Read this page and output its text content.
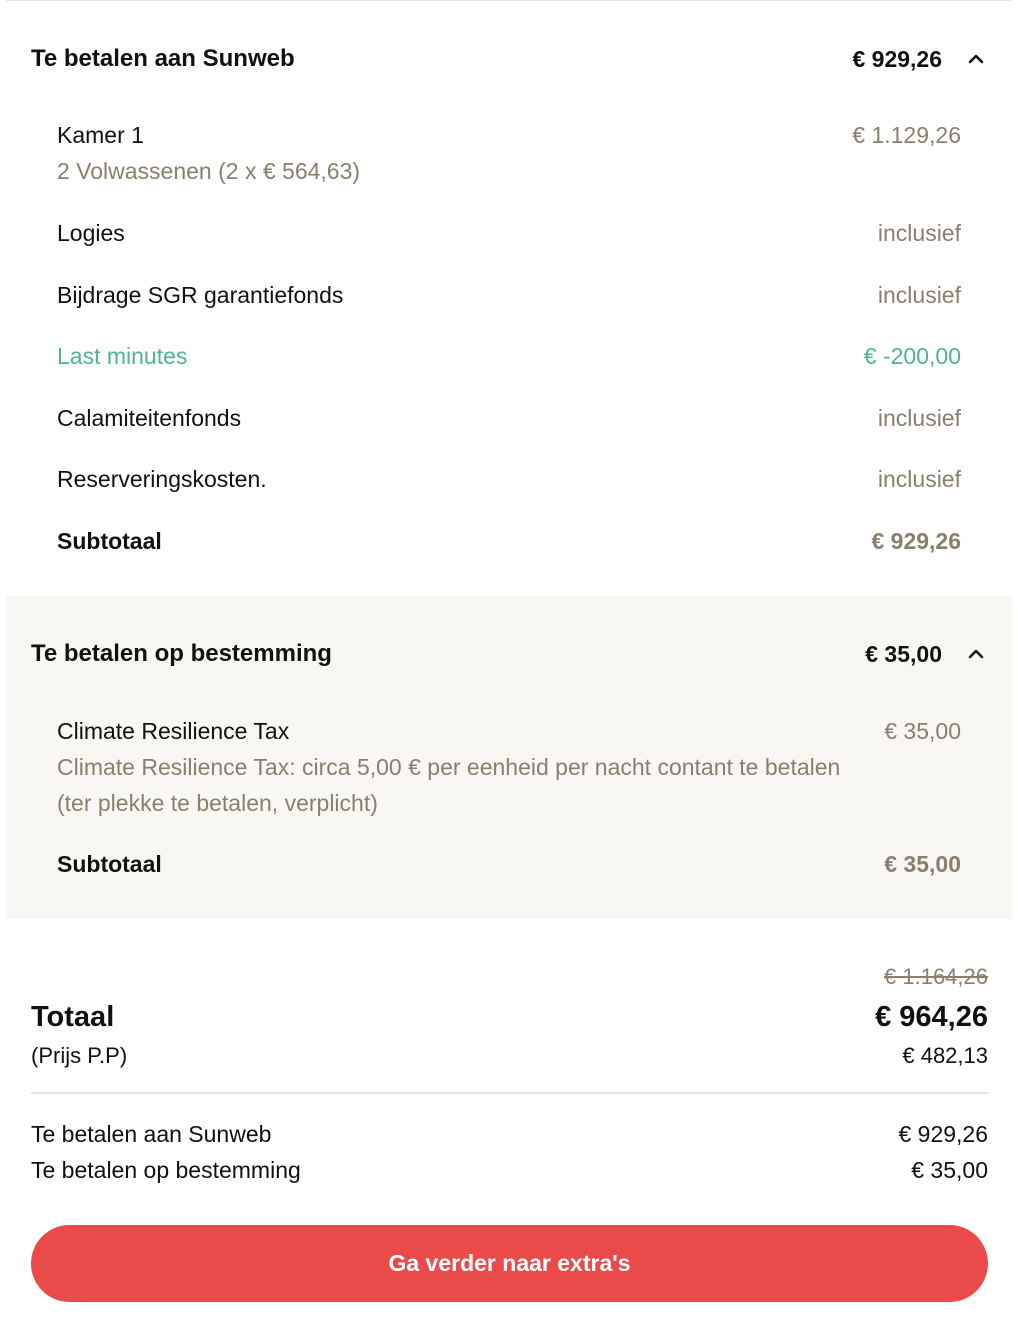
Te betalen aan Sunweb	€ 929,26
Kamer 1	€ 1.129,26
2 Volwassenen (2 x € 564,63)
Logies	inclusief
Bijdrage SGR garantiefonds	inclusief
Last minutes	€ -200,00
Calamiteitenfonds	inclusief
Reserveringskosten.	inclusief
Subtotaal	€ 929,26
Te betalen op bestemming	€ 35,00
Climate Resilience Tax	€ 35,00
Climate Resilience Tax: circa 5,00 € per eenheid per nacht contant te betalen
(ter plekke te betalen, verplicht)
Subtotaal	€ 35,00
€ 1.164,26
Totaal	€ 964,26
(Prijs P.P)	€ 482,13
Te betalen aan Sunweb	€ 929,26
Te betalen op bestemming	€ 35,00
Ga verder naar extra's
